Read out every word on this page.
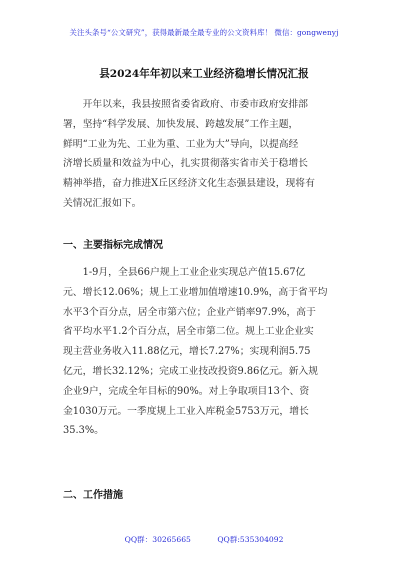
关注头条号“公文研究”，获得最新最全最专业的公文资料库！ 微信：gongwenyj
县2024年年初以来工业经济稳增长情况汇报
开年以来，我县按照省委省政府、市委市政府安排部
署，坚持“科学发展、加快发展、跨越发展”工作主题，
鲜明“工业为先、工业为重、工业为大”导向，以提高经
济增长质量和效益为中心，扎实贯彻落实省市关于稳增长
精神举措，奋力推进X丘区经济文化生态强县建设，现将有
关情况汇报如下。
一、主要指标完成情况
1-9月，全县66户规上工业企业实现总产值15.67亿
元、增长12.06%；规上工业增加值增速10.9%，高于省平均
水平3个百分点，居全市第六位；企业产销率97.9%，高于
省平均水平1.2个百分点，居全市第二位。规上工业企业实
现主营业务收入11.88亿元，增长7.27%；实现利润5.75
亿元，增长32.12%；完成工业技改投资9.86亿元。新入规
企业9户，完成全年目标的90%。对上争取项目13个、资
金1030万元。一季度规上工业入库税金5753万元，增长
35.3%。
二、工作措施
QQ群：30265665	QQ群:535304092
